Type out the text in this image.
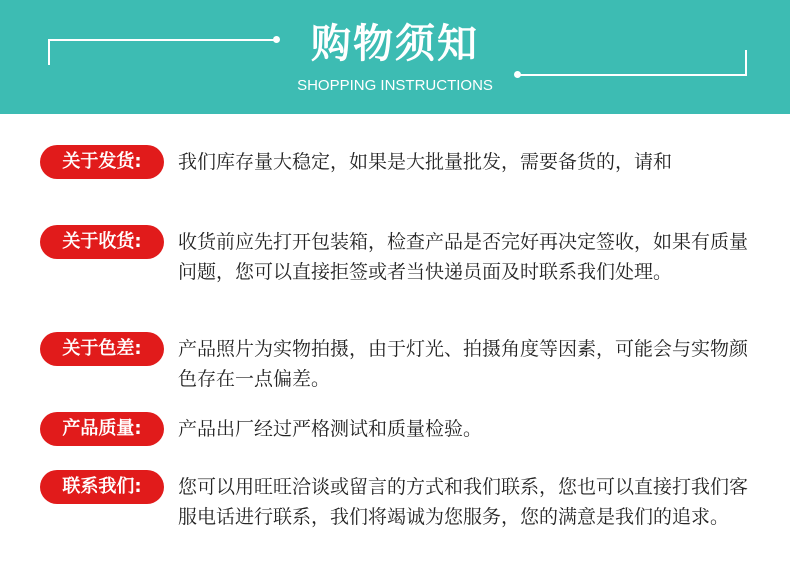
购物须知
SHOPPING INSTRUCTIONS
关于发货:	我们库存量大稳定，如果是大批量批发，需要备货的，请和
关于收货:	收货前应先打开包装箱，检查产品是否完好再决定签收，如果有质量问题，您可以直接拒签或者当快递员面及时联系我们处理。
关于色差:	产品照片为实物拍摄，由于灯光、拍摄角度等因素，可能会与实物颜色存在一点偏差。
产品质量:	产品出厂经过严格测试和质量检验。
联系我们:	您可以用旺旺洽谈或留言的方式和我们联系，您也可以直接打我们客服电话进行联系，我们将竭诚为您服务，您的满意是我们的追求。
